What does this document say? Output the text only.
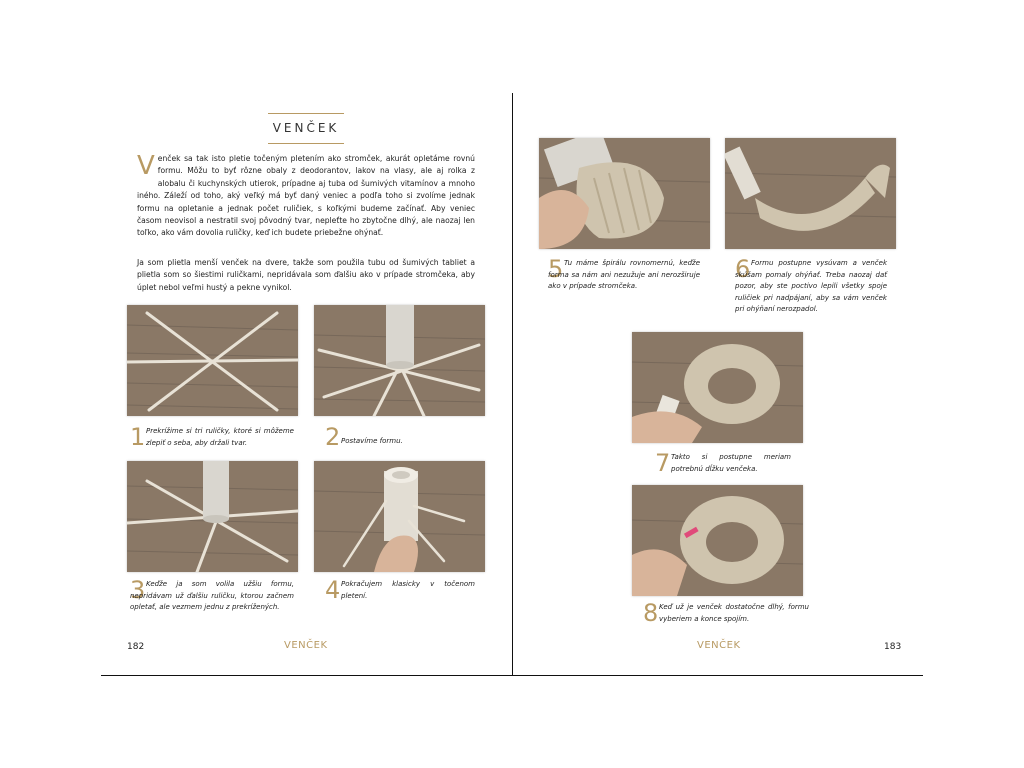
VENČEK
V enček sa tak isto pletie točeným pletením ako stromček, akurát opletáme rovnú formu. Môžu to byť rôzne obaly z deodorantov, lakov na vlasy, ale aj rolka z alobalu či kuchynských utierok, prípadne aj tuba od šumivých vitamínov a mnoho iného. Záleží od toho, aký veľký má byť daný veniec a podľa toho si zvolíme jednak formu na opletanie a jednak počet ruličiek, s koľkými budeme začínať. Aby veniec časom neovisol a nestratil svoj pôvodný tvar, nepleťte ho zbytočne dlhý, ale naozaj len toľko, ako vám dovolia ruličky, keď ich budete priebežne ohýnať.

Ja som plietla menší venček na dvere, takže som použila tubu od šumivých tabliet a plietla som so šiestimi ruličkami, nepridávala som ďalšiu ako v prípade stromčeka, aby úplet nebol veľmi hustý a pekne vynikol.
1 Prekrížime si tri ruličky, ktoré si môžeme zlepiť o seba, aby držali tvar.	2 Postavíme formu.
3 Keďže ja som volila užšiu formu, nepridávam už ďalšiu ruličku, ktorou začnem opletať, ale vezmem jednu z prekrížených.
4 Pokračujem klasicky v točenom pletení.
182	VENČEK
5 Tu máme špirálu rovnomernú, keďže forma sa nám ani nezužuje ani nerozširuje ako v prípade stromčeka.
6 Formu postupne vysúvam a venček skúšam pomaly ohýňať. Treba naozaj dať pozor, aby ste poctivo lepili všetky spoje ruličiek pri nadpájaní, aby sa vám venček pri ohýňaní nerozpadol.
7 Takto si postupne meriam potrebnú dĺžku venčeka.
8 Keď už je venček dostatočne dlhý, formu vyberiem a konce spojím.
VENČEK	183
